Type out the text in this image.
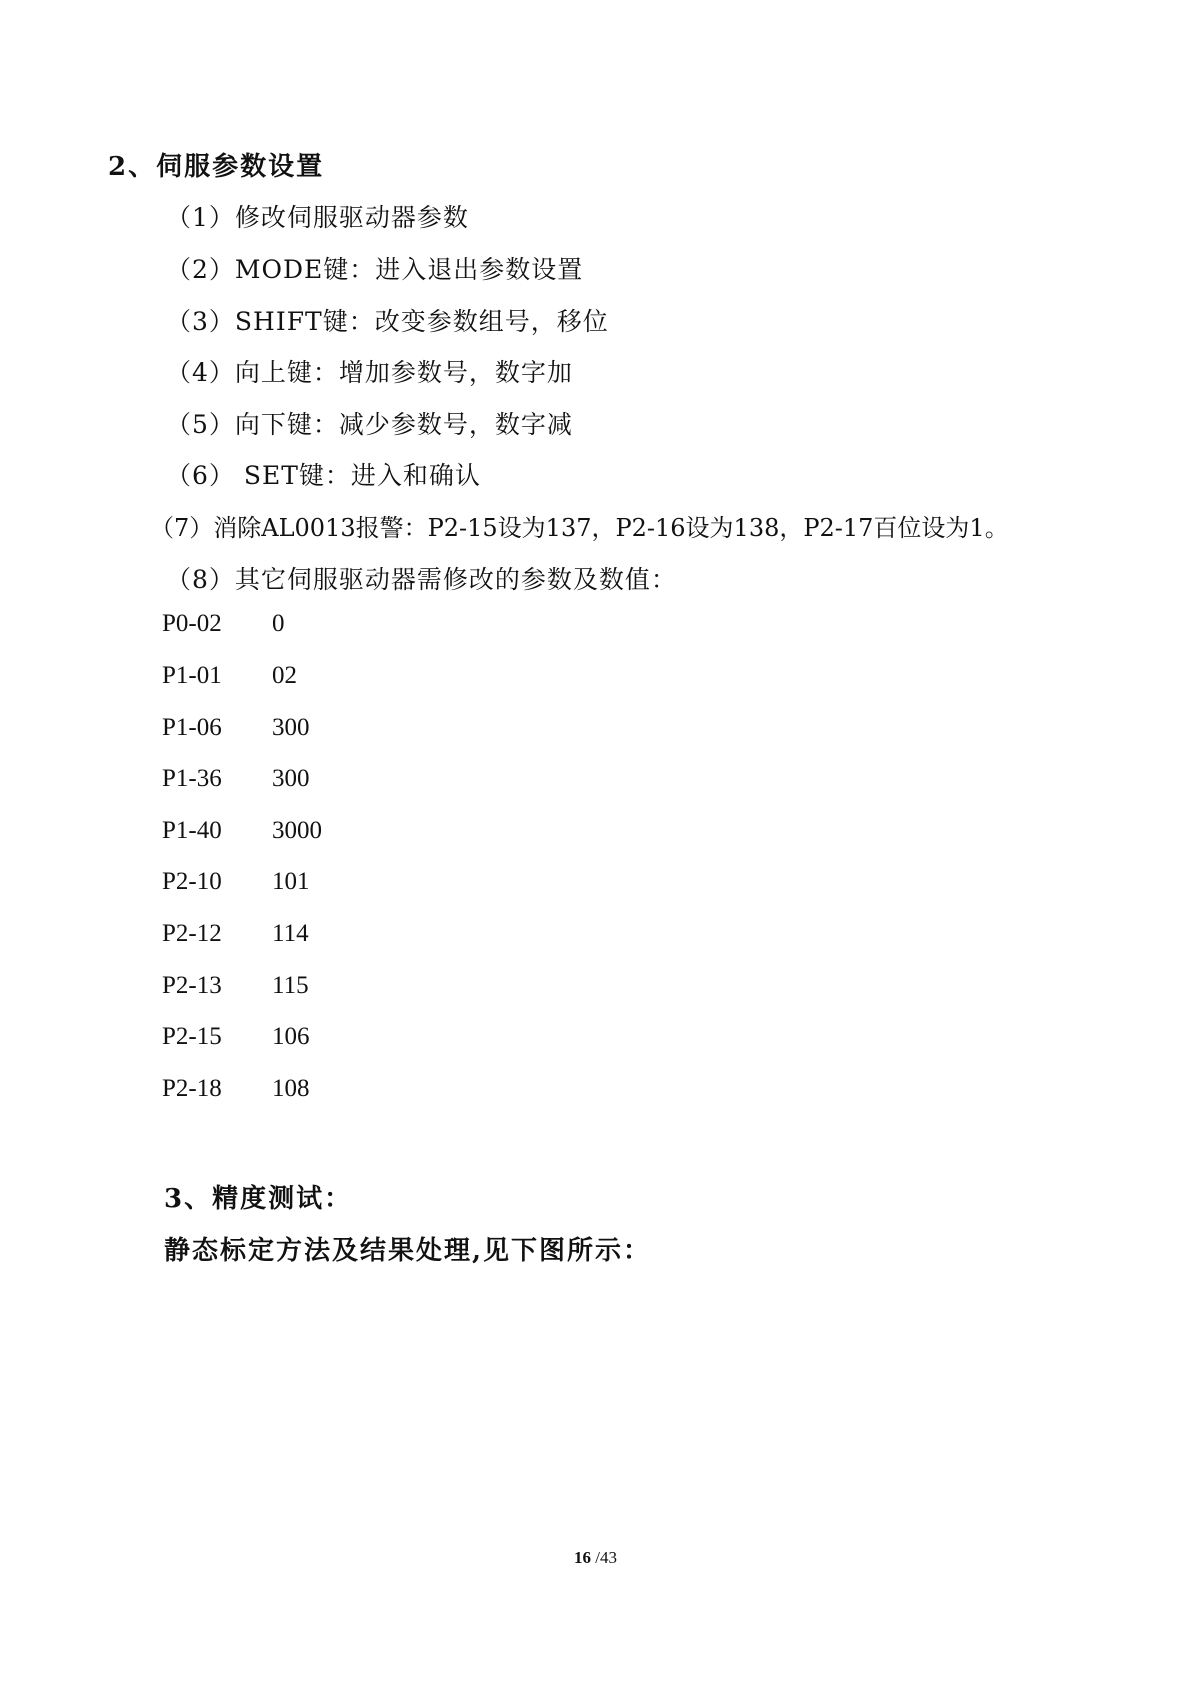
2、伺服参数设置
（1）修改伺服驱动器参数
（2）MODE键：进入退出参数设置
（3）SHIFT键：改变参数组号，移位
（4）向上键：增加参数号，数字加
（5）向下键：减少参数号，数字减
（6） SET键：进入和确认
（7）消除AL0013报警：P2-15设为137，P2-16设为138，P2-17百位设为1。
（8）其它伺服驱动器需修改的参数及数值：
P0-02 0
P1-01 02
P1-06 300
P1-36 300
P1-40 3000
P2-10 101
P2-12 114
P2-13 115
P2-15 106
P2-18 108
3、精度测试：
静态标定方法及结果处理,见下图所示：
16 /43
